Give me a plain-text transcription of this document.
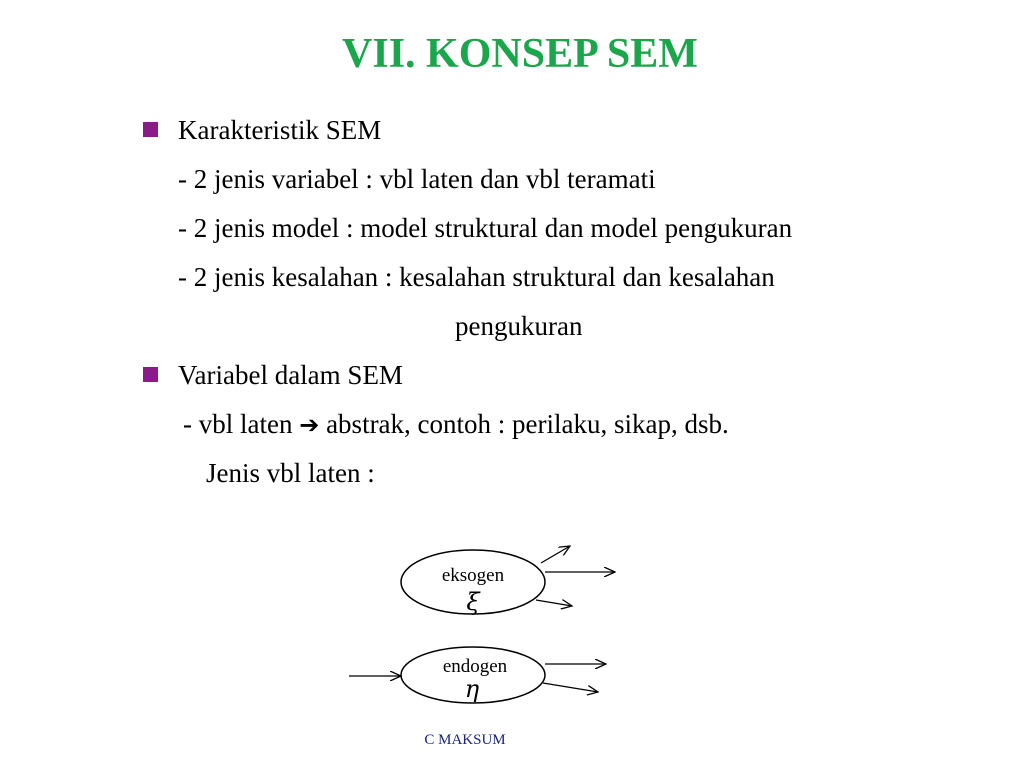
VII. KONSEP SEM
Karakteristik SEM
- 2 jenis variabel : vbl laten dan vbl teramati
- 2 jenis model : model struktural dan model pengukuran
- 2 jenis kesalahan : kesalahan struktural dan kesalahan
pengukuran
Variabel dalam SEM
- vbl laten ➔ abstrak, contoh : perilaku, sikap, dsb.
Jenis vbl laten :
eksogen
ξ
endogen
η
C MAKSUM
